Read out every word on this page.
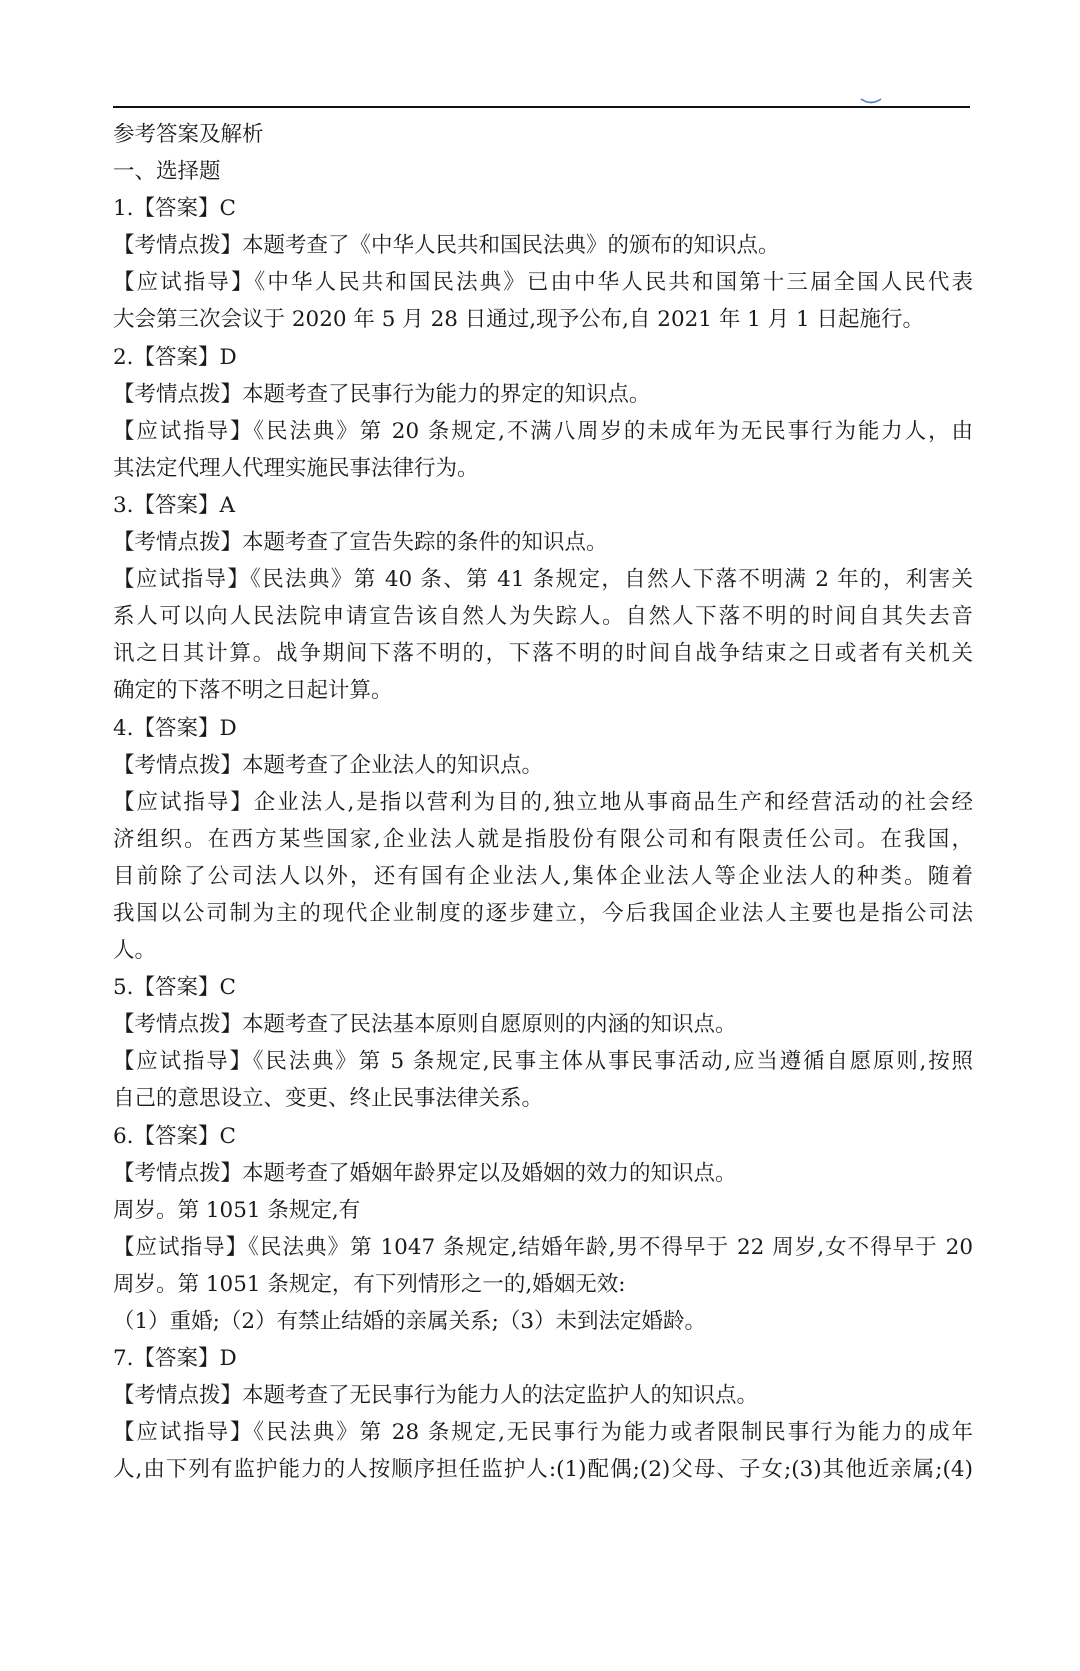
参考答案及解析
一、选择题
1.【答案】C
【考情点拨】本题考查了《中华人民共和国民法典》的颁布的知识点。
【应试指导】《中华人民共和国民法典》已由中华人民共和国第十三届全国人民代表
大会第三次会议于 2020 年 5 月 28 日通过,现予公布,自 2021 年 1 月 1 日起施行。
2.【答案】D
【考情点拨】本题考查了民事行为能力的界定的知识点。
【应试指导】《民法典》第 20 条规定,不满八周岁的未成年为无民事行为能力人，由
其法定代理人代理实施民事法律行为。
3.【答案】A
【考情点拨】本题考查了宣告失踪的条件的知识点。
【应试指导】《民法典》第 40 条、第 41 条规定，自然人下落不明满 2 年的，利害关
系人可以向人民法院申请宣告该自然人为失踪人。自然人下落不明的时间自其失去音
讯之日其计算。战争期间下落不明的，下落不明的时间自战争结束之日或者有关机关
确定的下落不明之日起计算。
4.【答案】D
【考情点拨】本题考查了企业法人的知识点。
【应试指导】企业法人,是指以营利为目的,独立地从事商品生产和经营活动的社会经
济组织。在西方某些国家,企业法人就是指股份有限公司和有限责任公司。在我国，
目前除了公司法人以外，还有国有企业法人,集体企业法人等企业法人的种类。随着
我国以公司制为主的现代企业制度的逐步建立，今后我国企业法人主要也是指公司法
人。
5.【答案】C
【考情点拨】本题考查了民法基本原则自愿原则的内涵的知识点。
【应试指导】《民法典》第 5 条规定,民事主体从事民事活动,应当遵循自愿原则,按照
自己的意思设立、变更、终止民事法律关系。
6.【答案】C
【考情点拨】本题考查了婚姻年龄界定以及婚姻的效力的知识点。
周岁。第 1051 条规定,有
【应试指导】《民法典》第 1047 条规定,结婚年龄,男不得早于 22 周岁,女不得早于 20
周岁。第 1051 条规定，有下列情形之一的,婚姻无效:
（1）重婚;（2）有禁止结婚的亲属关系;（3）未到法定婚龄。
7.【答案】D
【考情点拨】本题考查了无民事行为能力人的法定监护人的知识点。
【应试指导】《民法典》第 28 条规定,无民事行为能力或者限制民事行为能力的成年
人,由下列有监护能力的人按顺序担任监护人:(1)配偶;(2)父母、子女;(3)其他近亲属;(4)
